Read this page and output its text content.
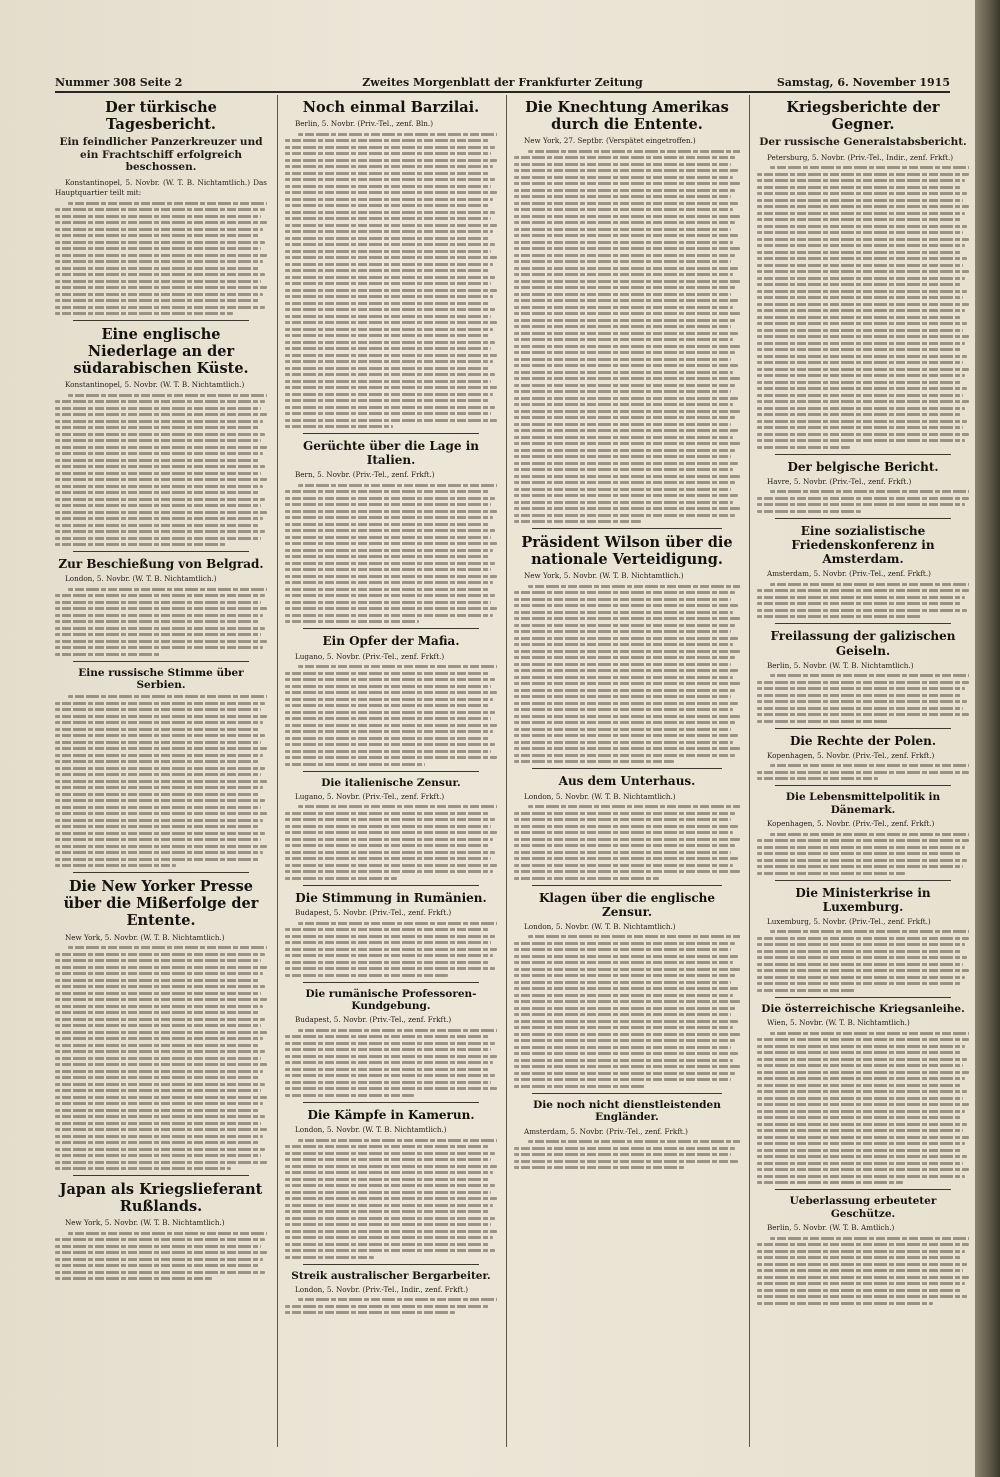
Nummer 308 Seite 2	Zweites Morgenblatt der Frankfurter Zeitung	Samstag, 6. November 1915
Der türkische Tagesbericht.
Ein feindlicher Panzerkreuzer und ein Frachtschiff erfolgreich beschossen.

Konstantinopel, 5. Novbr. (W. T. B. Nichtamtlich.) Das Hauptquartier teilt mit:

Eine englische Niederlage an der südarabischen Küste.

Konstantinopel, 5. Novbr. (W. T. B. Nichtamtlich.)

Zur Beschießung von Belgrad.

London, 5. Novbr. (W. T. B. Nichtamtlich.)

Eine russische Stimme über Serbien.
Die New Yorker Presse über die Mißerfolge der Entente.

New York, 5. Novbr. (W. T. B. Nichtamtlich.)

Japan als Kriegslieferant Rußlands.

New York, 5. Novbr. (W. T. B. Nichtamtlich.)

Noch einmal Barzilai.

Berlin, 5. Novbr. (Priv.-Tel., zenf. Bln.)

Gerüchte über die Lage in Italien.

Bern, 5. Novbr. (Priv.-Tel., zenf. Frkft.)

Ein Opfer der Mafia.

Lugano, 5. Novbr. (Priv.-Tel., zenf. Frkft.)

Die italienische Zensur.

Lugano, 5. Novbr. (Priv.-Tel., zenf. Frkft.)

Die Stimmung in Rumänien.

Budapest, 5. Novbr. (Priv.-Tel., zenf. Frkft.)

Die rumänische Professoren-Kundgebung.

Budapest, 5. Novbr. (Priv.-Tel., zenf. Frkft.)

Die Kämpfe in Kamerun.

London, 5. Novbr. (W. T. B. Nichtamtlich.)

Streik australischer Bergarbeiter.

London, 5. Novbr. (Priv.-Tel., Indir., zenf. Frkft.)

Die Knechtung Amerikas durch die Entente.

New York, 27. Septbr. (Verspätet eingetroffen.)

Präsident Wilson über die nationale Verteidigung.

New York, 5. Novbr. (W. T. B. Nichtamtlich.)

Aus dem Unterhaus.

London, 5. Novbr. (W. T. B. Nichtamtlich.)

Klagen über die englische Zensur.

London, 5. Novbr. (W. T. B. Nichtamtlich.)

Die noch nicht dienstleistenden Engländer.

Amsterdam, 5. Novbr. (Priv.-Tel., zenf. Frkft.)

Kriegsberichte der Gegner.
Der russische Generalstabsbericht.

Petersburg, 5. Novbr. (Priv.-Tel., Indir., zenf. Frkft.)

Der belgische Bericht.

Havre, 5. Novbr. (Priv.-Tel., zenf. Frkft.)

Eine sozialistische Friedenskonferenz in Amsterdam.

Amsterdam, 5. Novbr. (Priv.-Tel., zenf. Frkft.)

Freilassung der galizischen Geiseln.

Berlin, 5. Novbr. (W. T. B. Nichtamtlich.)

Die Rechte der Polen.

Kopenhagen, 5. Novbr. (Priv.-Tel., zenf. Frkft.)

Die Lebensmittelpolitik in Dänemark.

Kopenhagen, 5. Novbr. (Priv.-Tel., zenf. Frkft.)

Die Ministerkrise in Luxemburg.

Luxemburg, 5. Novbr. (Priv.-Tel., zenf. Frkft.)

Die österreichische Kriegsanleihe.

Wien, 5. Novbr. (W. T. B. Nichtamtlich.)

Ueberlassung erbeuteter Geschütze.

Berlin, 5. Novbr. (W. T. B. Amtlich.)
